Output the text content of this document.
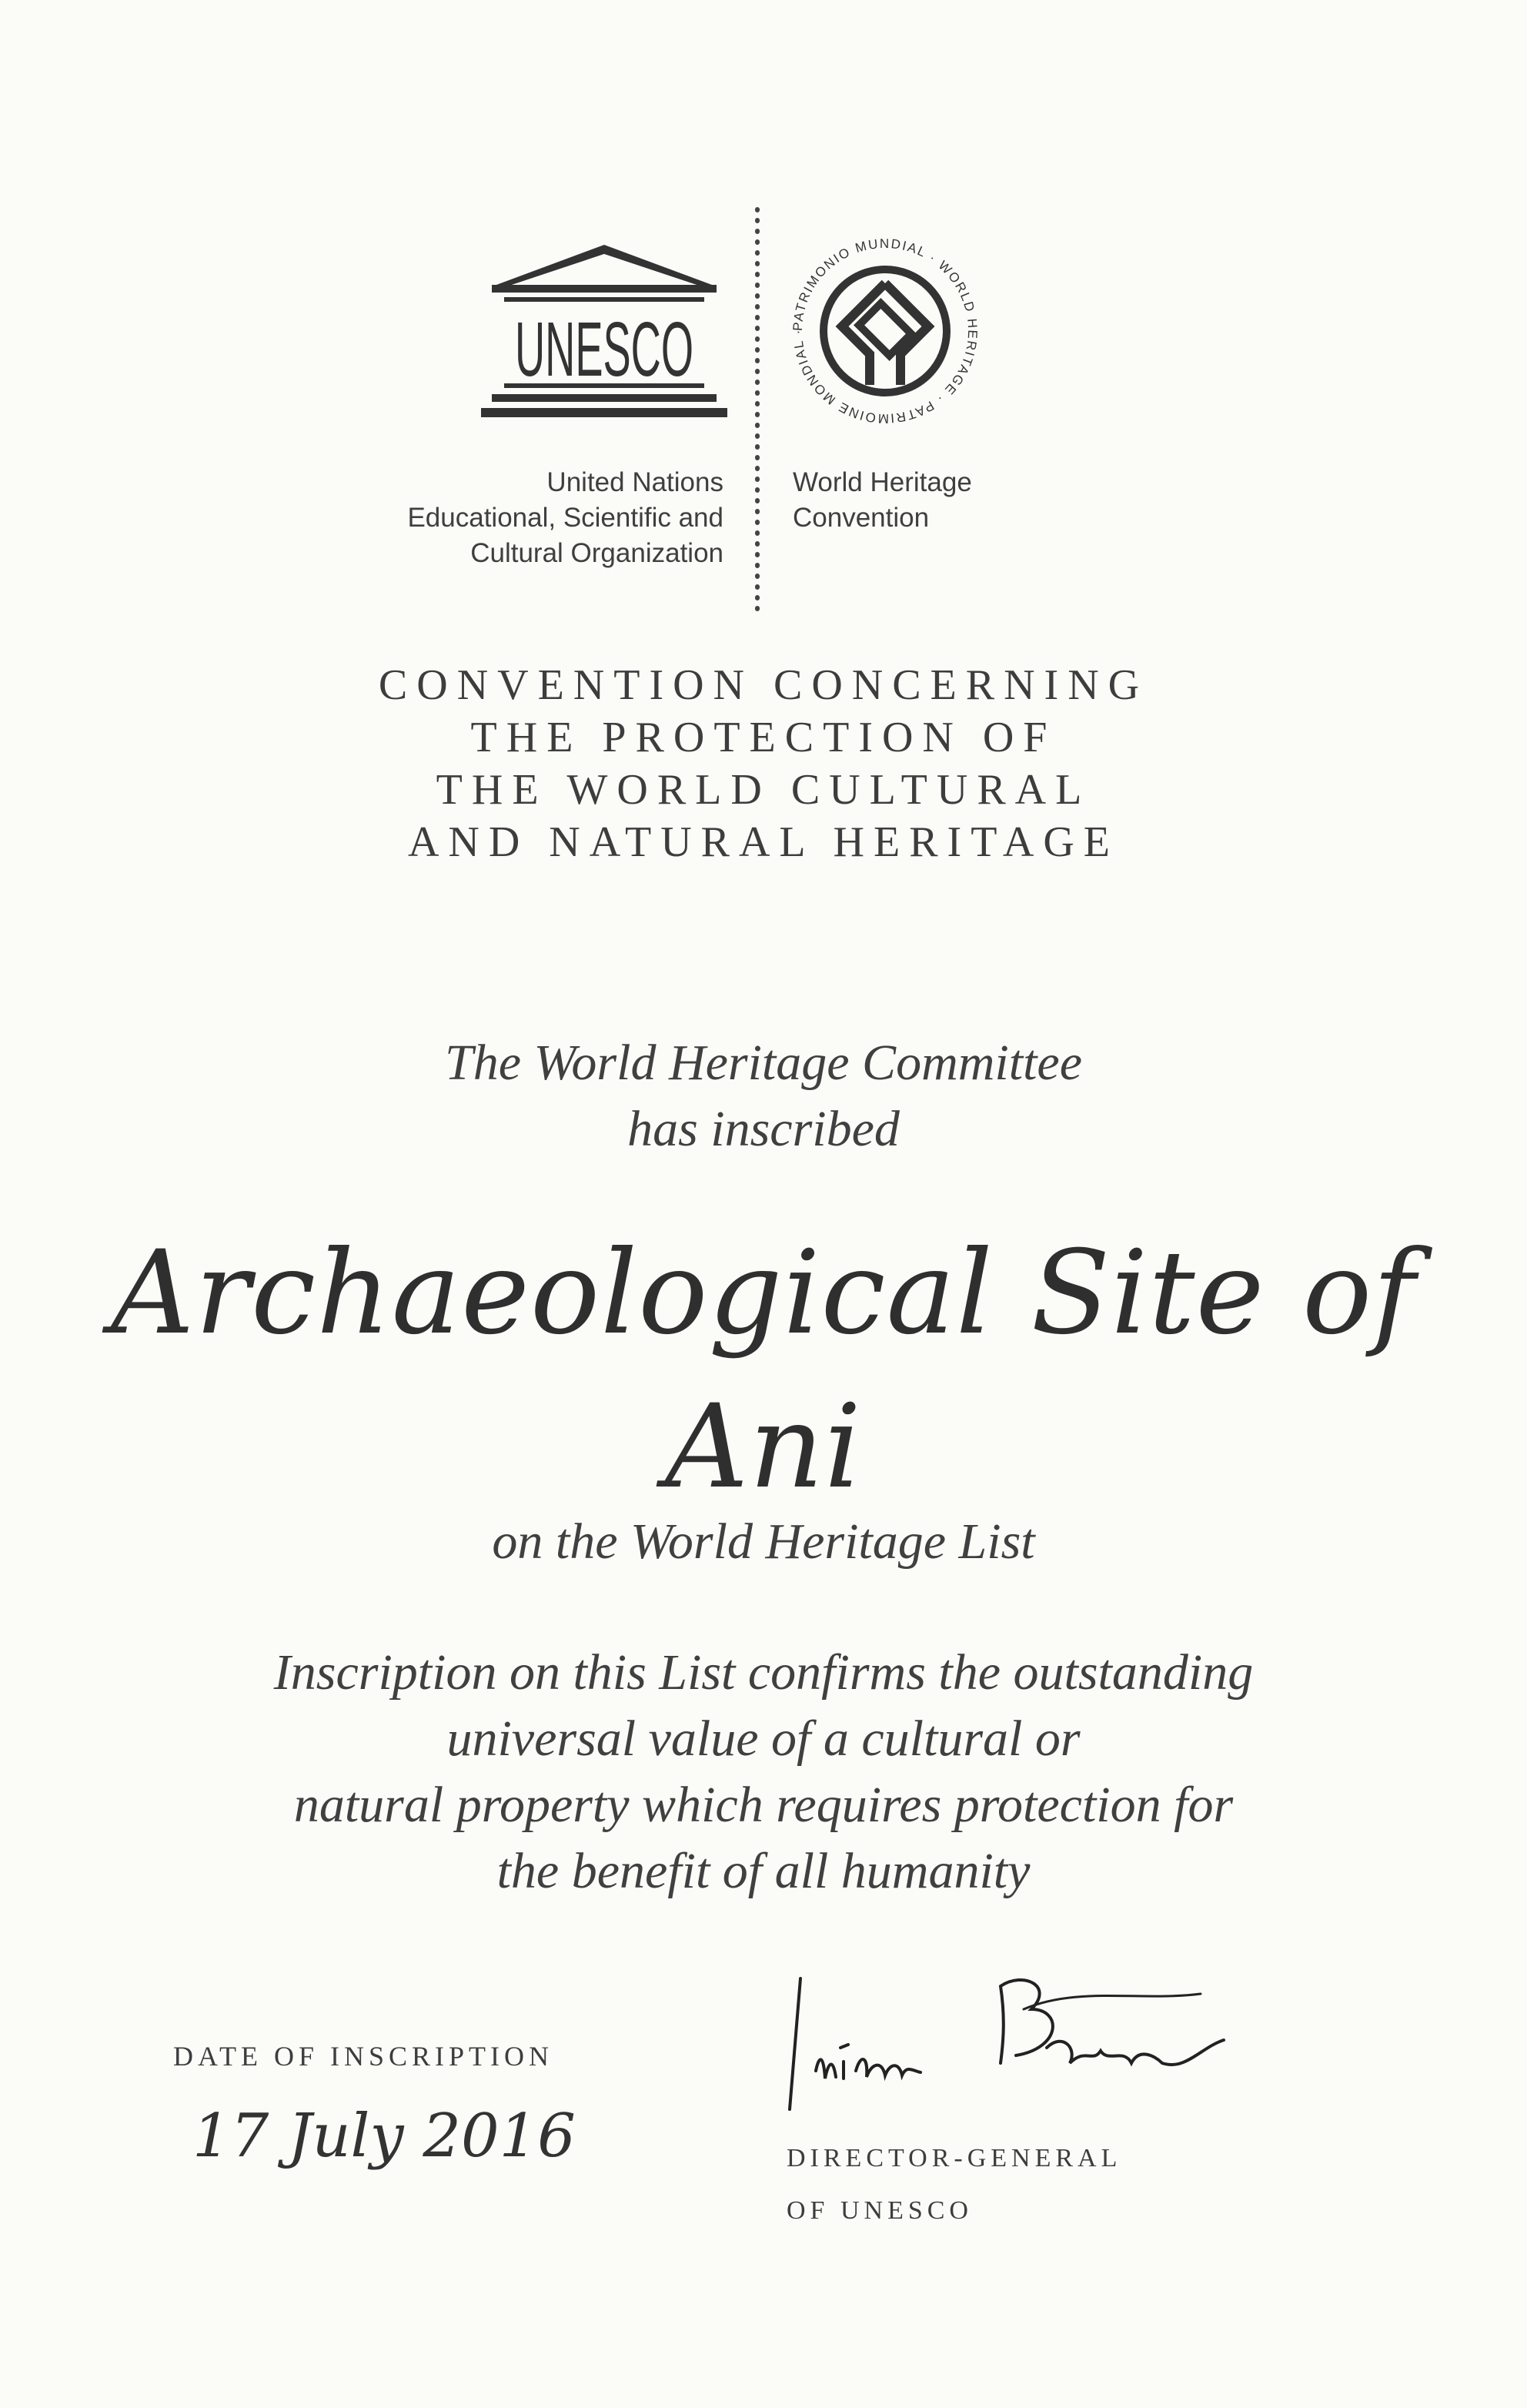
UNESCO
United Nations
Educational, Scientific and
Cultural Organization
PATRIMONIO MUNDIAL · WORLD HERITAGE · PATRIMOINE MONDIAL ·
World Heritage
Convention
CONVENTION CONCERNING
THE PROTECTION OF
THE WORLD CULTURAL
AND NATURAL HERITAGE
The World Heritage Committee
has inscribed
Archaeological Site of Ani
on the World Heritage List
Inscription on this List confirms the outstanding
universal value of a cultural or
natural property which requires protection for
the benefit of all humanity
DATE OF INSCRIPTION
17 July 2016	DIRECTOR-GENERAL
OF UNESCO
